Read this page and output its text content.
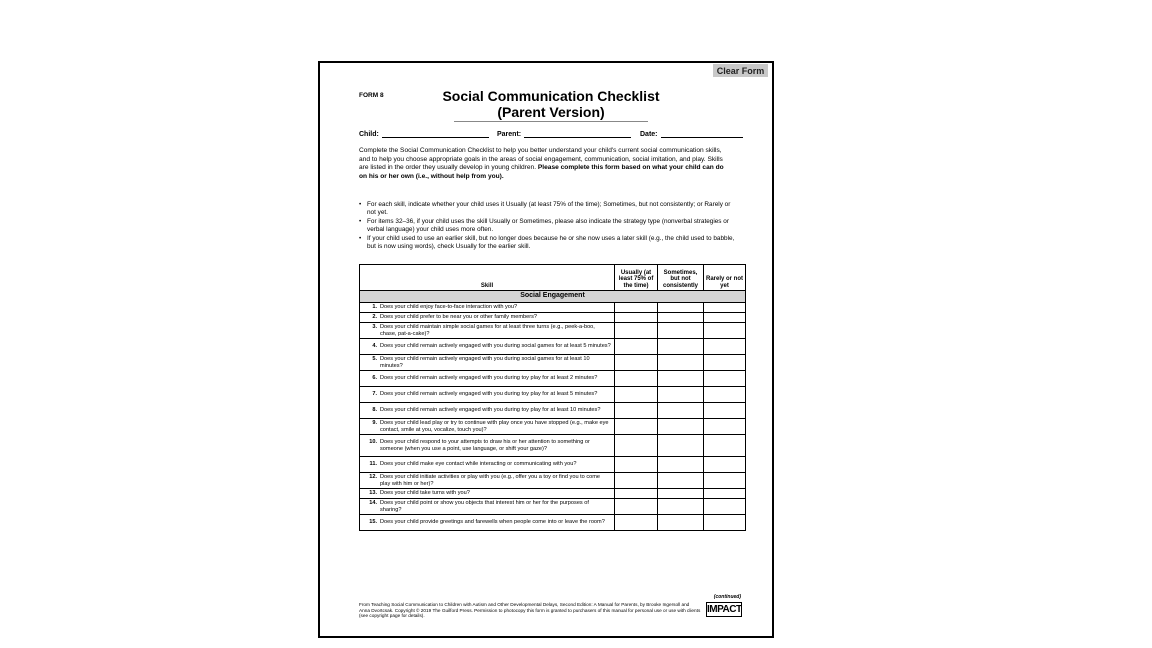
Clear Form
FORM 8	Social Communication Checklist
(Parent Version)
Child:	Parent:	Date:
Complete the Social Communication Checklist to help you better understand your child's current social communication skills, and to help you choose appropriate goals in the areas of social engagement, communication, social imitation, and play. Skills are listed in the order they usually develop in young children. Please complete this form based on what your child can do on his or her own (i.e., without help from you).
• For each skill, indicate whether your child uses it Usually (at least 75% of the time); Sometimes, but not consistently; or Rarely or not yet.
• For items 32–36, if your child uses the skill Usually or Sometimes, please also indicate the strategy type (nonverbal strategies or verbal language) your child uses more often.
• If your child used to use an earlier skill, but no longer does because he or she now uses a later skill (e.g., the child used to babble, but is now using words), check Usually for the earlier skill.
Skill	Usually (at least 75% of the time)	Sometimes, but not consistently	Rarely or not yet
Social Engagement			

1. Does your child enjoy face-to-face interaction with you?			

2. Does your child prefer to be near you or other family members?			

3. Does your child maintain simple social games for at least three turns (e.g., peek-a-boo, chase, pat-a-cake)?			

4. Does your child remain actively engaged with you during social games for at least 5 minutes?			

5. Does your child remain actively engaged with you during social games for at least 10 minutes?			

6. Does your child remain actively engaged with you during toy play for at least 2 minutes?			

7. Does your child remain actively engaged with you during toy play for at least 5 minutes?			

8. Does your child remain actively engaged with you during toy play for at least 10 minutes?			

9. Does your child lead play or try to continue with play once you have stopped (e.g., make eye contact, smile at you, vocalize, touch you)?			

10. Does your child respond to your attempts to draw his or her attention to something or someone (when you use a point, use language, or shift your gaze)?			

11. Does your child make eye contact while interacting or communicating with you?			

12. Does your child initiate activities or play with you (e.g., offer you a toy or find you to come play with him or her)?			

13. Does your child take turns with you?			

14. Does your child point or show you objects that interest him or her for the purposes of sharing?			

15. Does your child provide greetings and farewells when people come into or leave the room?			

(continued)
From Teaching Social Communication to Children with Autism and Other Developmental Delays, Second Edition: A Manual for Parents, by Brooke Ingersoll and Anna Dvortcsak. Copyright © 2019 The Guilford Press. Permission to photocopy this form is granted to purchasers of this manual for personal use or use with clients (see copyright page for details).
IMPACT
